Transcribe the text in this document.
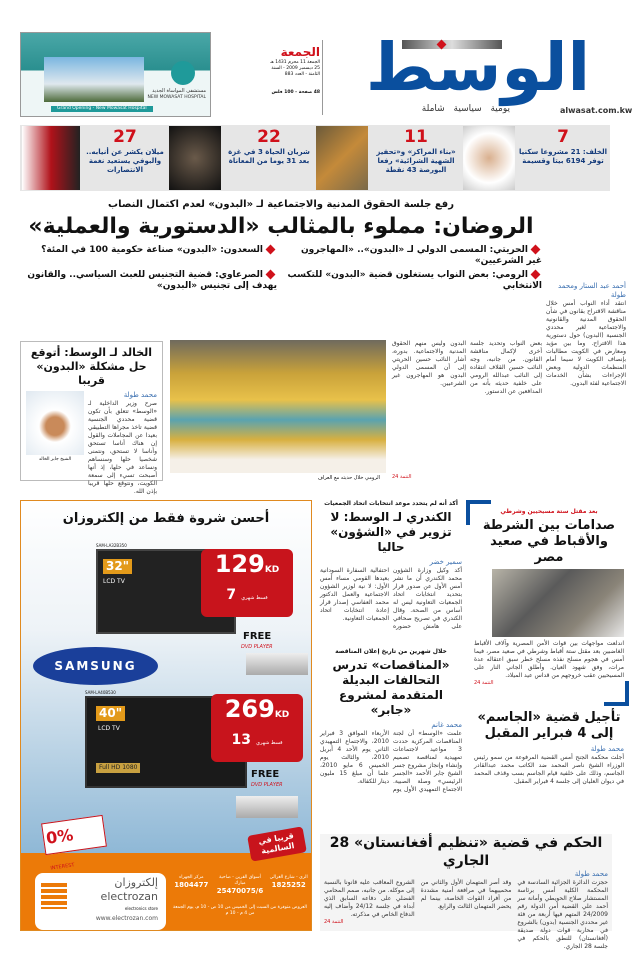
مستشفى المواساة الجديد
NEW MOWASAT HOSPITAL
Grand Opening - New Mowasat Hospital
الجمعة
الجمعة 11 محرم 1431 هـ
25 ديسمبر 2009 - السنة
الثامنة - العدد 883
48 صفحة - 100 فلس الوسط
يومية سياسية شاملة	alwasat.com.kw
7
الخلف: 21 مشروعا سكنيا توفر 6194 بيتا وقسيمة
11
«بناء المراكز» و«تحفيز الشهية الشرائية» رفعا البورصة 43 نقطة
22
شريان الحياة 3 في غزة بعد 31 يوما من المعاناة
27
ميلان يكشر عن أنيابه.. والبوفي يستعيد نغمة الانتصارات
رفع جلسة الحقوق المدنية والاجتماعية لـ «البدون» لعدم اكتمال النصاب
الروضان: مملوء بالمثالب «الدستورية والعملية»
الحريتي: المسمى الدولي لـ «البدون».. «المهاجرون غير الشرعيين»
السعدون: «البدون» صناعة حكومية 100 في المئة؟
الرومي: بعض النواب يستغلون قضية «البدون» للتكسب الانتخابي
الصرعاوي: قضية التجنيس للعبث السياسي.. والقانون يهدف إلى تجنيس «البدون»	أحمد عبد الستار ومحمد طولة
انتقد أداء النواب أمس خلال مناقشة الاقتراح بقانون في شأن الحقوق المدنية والقانونية والاجتماعية لغير محددي الجنسية (البدون) حول دستورية هذا الاقتراح. وما بين مؤيد ومعارض في الكويت مطالبات بإنصاف الكويت لا سيما أمام المنظمات الدولية وبعض الإجراءات بشأن الخدمات الاجتماعية لفئة البدون.
بعض النواب وتحديد جلسة أخرى لإكمال مناقشة القانون. من جانبه، وجه النائب حسين القلاف انتقاده إلى النائب عبدالله الرومي على خلفية حديثه بأنه من المدافعين عن الدستور.
البدون وليس منهم الحقوق المدنية والاجتماعية. بدوره، أشار النائب حسين الحريتي إلى أن المسمى الدولي البدون هو المهاجرون غير الشرعيين.
التتمة 24
الرومي خلال حديثه مع العراف
الخالد لـ الوسط: أتوقع حل مشكلة «البدون» قريبا
محمد طولة
صرح وزير الداخلية لـ «الوسط» تتعلق بأن تكون قضية محددي الجنسية قضية تاخذ مجراها التطبيقي بعيدا عن المجاملات والقول إن هناك أناسا تستحق وأناسا لا تستحق، ونتمنى شخصيا حلها وسنساهم ونساعد في حلها، إذ أنها أصبحت تسيء إلى سمعة الكويت، ونتوقع حلها قريبا بإذن الله.
الشيخ جابر الخالد
أحسن شروة فقط من إلكتروزان
SAM-LA32B350
32"
LCD TV
129KD
7 قسط شهري
FREE
DVD PLAYER
SAMSUNG
SAM-LA40B530
40"
LCD TV
Full HD 1080
269KD
13 قسط شهري
FREE
DVD PLAYER
0% INTEREST
قريبا في السالمية
إلكتروزان
electrozan
electronics store
www.electrozan.com
الري - شارع الغزالي
1825252
أسواق القرين - ضاحية مبارك
25470075/6
مركز الجهراء
1804477
العروض متوفرة من السبت إلى الخميس من 10 ص - 10 م، يوم الجمعة من 4 م - 10 م
أكد أنه لم يتحدد موعد انتخابات اتحاد الجمعيات
الكندري لـ الوسط: لا تزوير في «الشؤون» حاليا
سمير خضر
أكد وكيل وزارة الشؤون محمد الكندري أن ما نشر أمس الأول عن صدور قرار بتحديد انتخابات اتحاد الجمعيات التعاونية ليس له أساس من الصحة. وقال الكندري في تصريح صحافي على هامش حضوره احتفالية السفارة السودانية بعيدها القومي مساء أمس الأول: لا نية لوزير الشؤون الاجتماعية والعمل الدكتور محمد العفاسي إصدار قرار إعادة انتخابات اتحاد الجمعيات التعاونية.
خلال شهرين من تاريخ إعلان المناقصة
«المناقصات» تدرس التحالفات البديلة المتقدمة لمشروع «جابر»
محمد غانم
علمت «الوسط» أن لجنة المناقصات المركزية حددت 3 مواعيد لاجتماعات تمهيدية لمناقصة تصميم وإنشاء وإنجاز مشروع جسر الشيخ جابر الأحمد «الجسر الرئيسي» وصلة الصبية. الاجتماع التمهيدي الأول يوم الأربعاء الموافق 3 فبراير 2010، والاجتماع التمهيدي الثاني يوم الأحد 4 أبريل 2010، والثالث يوم الخميس 6 مايو 2010، علما أن مبلغ 15 مليون دينار للكفالة.
بعد مقتل ستة مسيحيين وشرطي
صدامات بين الشرطة والأقباط في صعيد مصر
اندلعت مواجهات بين قوات الأمن المصرية وآلاف الأقباط الغاضبين بعد مقتل ستة أقباط وشرطي في صعيد مصر، فيما أمس في هجوم مسلح نفذه مسلح خطر سبق اعتقاله عدة مرات، وفق شهود العيان. وأطلق الجاني النار على المسيحيين عقب خروجهم من قداس عيد الميلاد.
التتمة 24
تأجيل قضية «الجاسم» إلى 4 فبراير المقبل
محمد طولة
أجلت محكمة الجنح أمس القضية المرفوعة من سمو رئيس الوزراء الشيخ ناصر المحمد ضد الكاتب محمد عبدالقادر الجاسم، وذلك على خلفية قيام الجاسم بسب وقذف المحمد في ديوان العليان إلى جلسة 4 فبراير المقبل.
الحكم في قضية «تنظيم أفغانستان» 28 الجاري
محمد طولة
حجزت الدائرة الجزائية السادسة في المحكمة الكلية أمس برئاسة المستشار صلاح الحويطي وأمانة سر أحمد علي القضية أمن الدولة رقم 24/2009 المتهم فيها أربعة من فئة غير محددي الجنسية (بدون) بالشروع في محاربة قوات دولة صديقة (أفغانستان) للنطق بالحكم في جلسة 28 الجاري.
وقد أصر المتهمان الأول والثاني من محمييهما في مرافعة أمنية مشددة من أفراد القوات الخاصة، بينما لم يحضر المتهمان الثالث والرابع.
الشروع المعاقب عليه قانونا بالنسبة إلى موكله. من جانبه، صمم المحامي الفضلي على دفاعه السابق الذي أبداه في جلسة 24/12 وأضاف إليه الدفاع الخاص في مذكرته.
التتمة 24
